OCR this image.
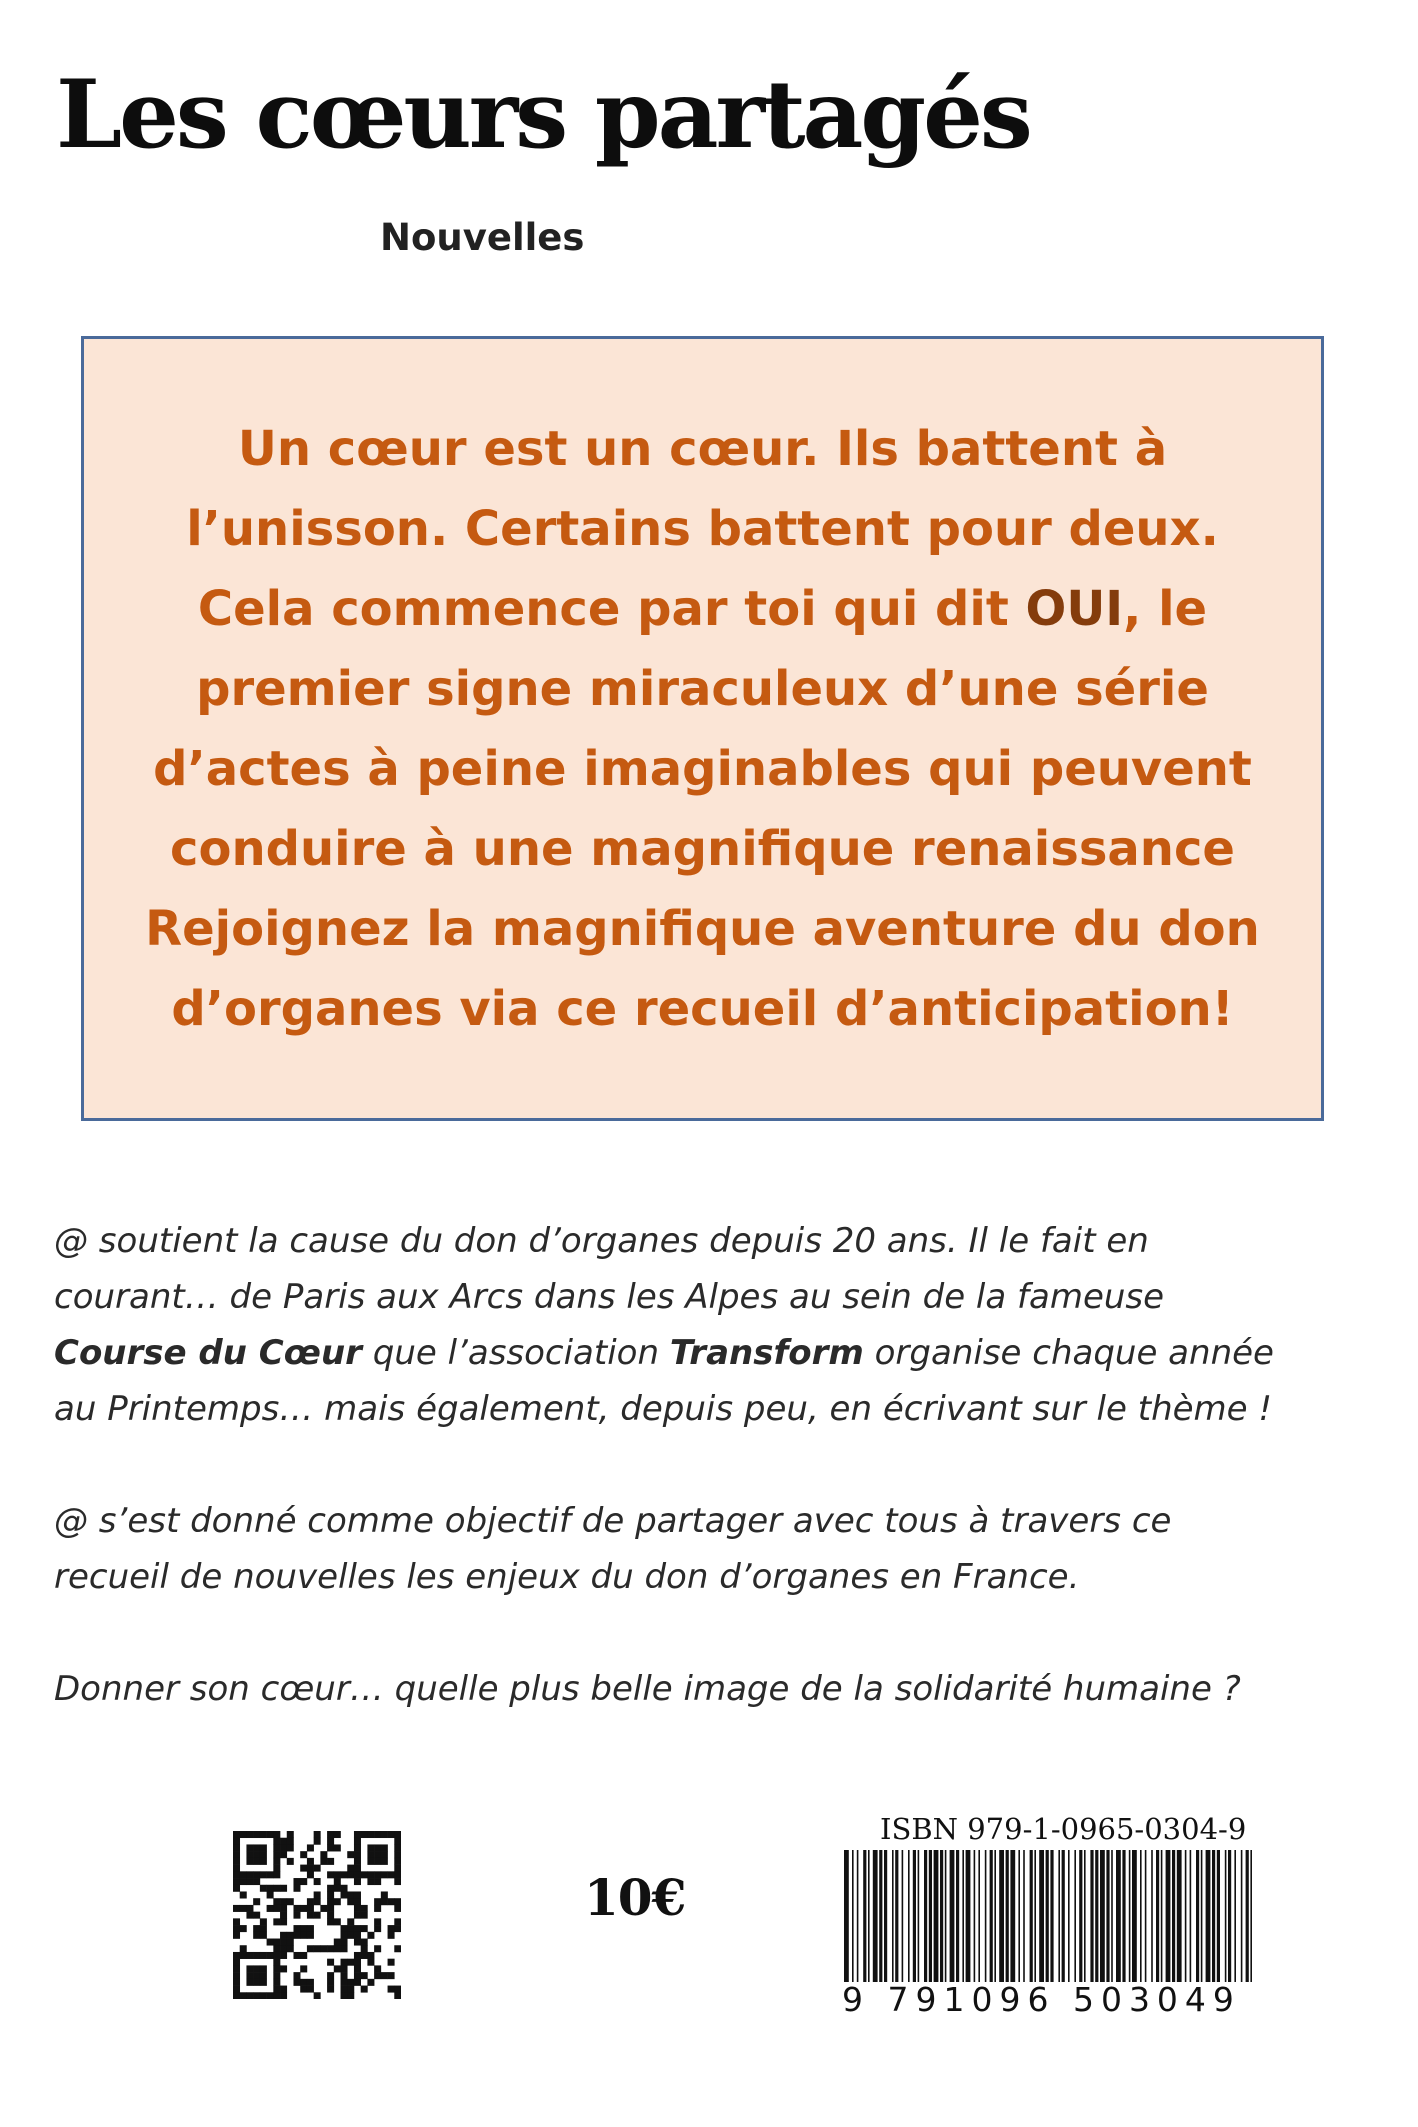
Les cœurs partagés
Nouvelles

Un cœur est un cœur. Ils battent à
l’unisson. Certains battent pour deux.
Cela commence par toi qui dit OUI, le
premier signe miraculeux d’une série
d’actes à peine imaginables qui peuvent
conduire à une magnifique renaissance
Rejoignez la magnifique aventure du don
d’organes via ce recueil d’anticipation!

@ soutient la cause du don d’organes depuis 20 ans. Il le fait en
courant… de Paris aux Arcs dans les Alpes au sein de la fameuse
Course du Cœur que l’association Transform organise chaque année
au Printemps… mais également, depuis peu, en écrivant sur le thème !

@ s’est donné comme objectif de partager avec tous à travers ce
recueil de nouvelles les enjeux du don d’organes en France.

Donner son cœur… quelle plus belle image de la solidarité humaine ?

10€
ISBN 979-1-0965-0304-9
9 791096 503049
